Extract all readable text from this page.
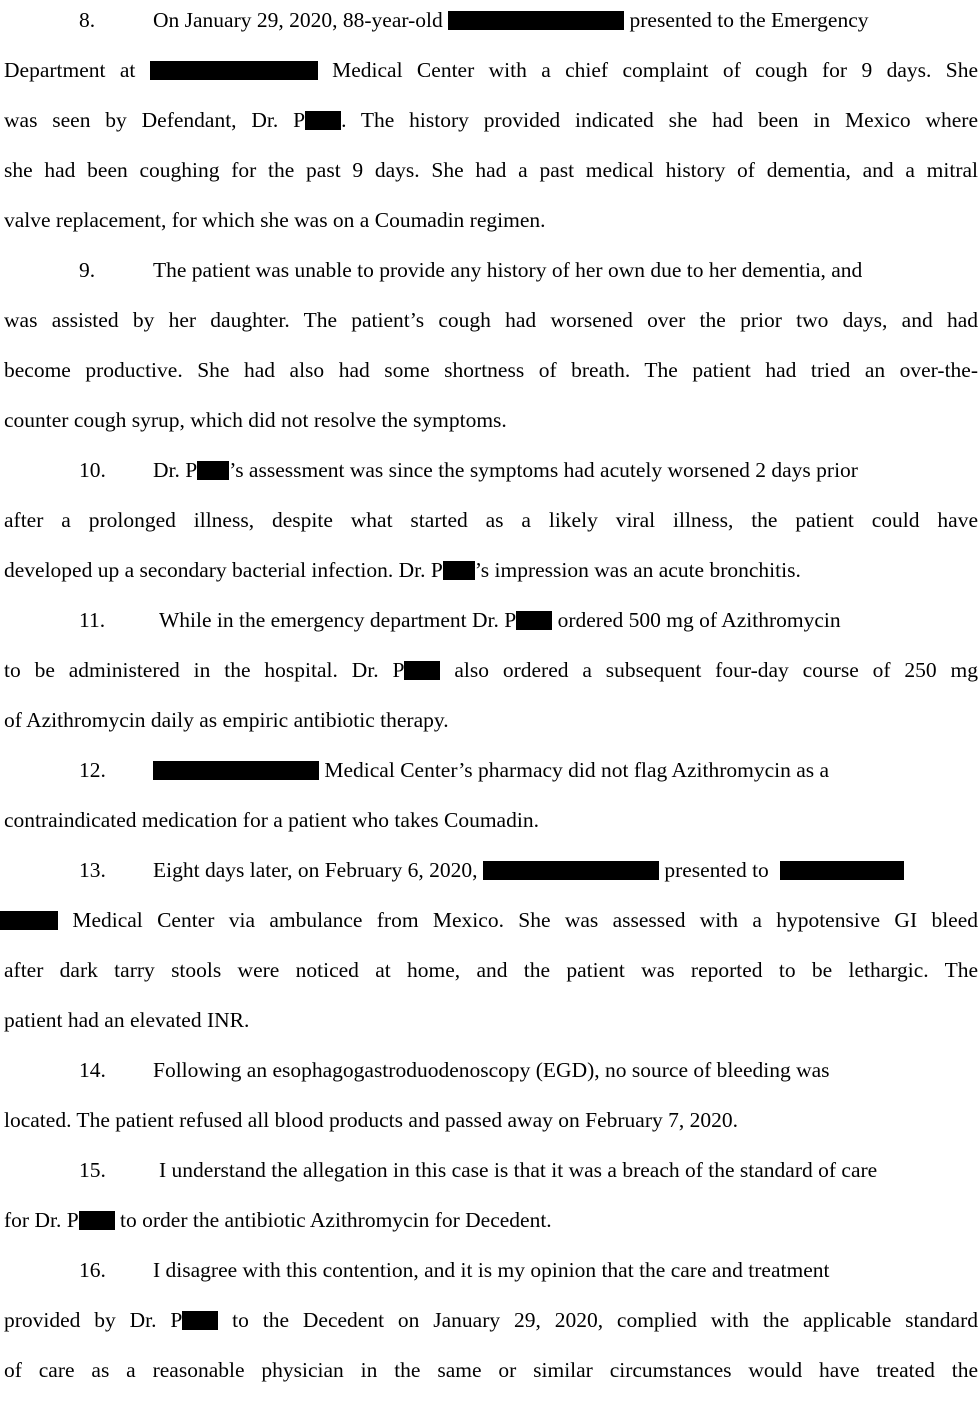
8.	On January 29, 2020, 88-year-old	presented to the Emergency
Department at	Medical Center with a chief complaint of cough for 9 days. She
was seen by Defendant, Dr. P . The history provided indicated she had been in Mexico where
she had been coughing for the past 9 days. She had a past medical history of dementia, and a mitral
valve replacement, for which she was on a Coumadin regimen.
9.	The patient was unable to provide any history of her own due to her dementia, and
was assisted by her daughter. The patient’s cough had worsened over the prior two days, and had
become productive. She had also had some shortness of breath. The patient had tried an over-the-
counter cough syrup, which did not resolve the symptoms.
10. Dr. P ’s assessment was since the symptoms had acutely worsened 2 days prior
after a prolonged illness, despite what started as a likely viral illness, the patient could have
developed up a secondary bacterial infection. Dr. P ’s impression was an acute bronchitis.
11.	While in the emergency department Dr. P ordered 500 mg of Azithromycin
to be administered in the hospital. Dr. P also ordered a subsequent four-day course of 250 mg
of Azithromycin daily as empiric antibiotic therapy.
12.	Medical Center’s pharmacy did not flag Azithromycin as a
contraindicated medication for a patient who takes Coumadin.
13. Eight days later, on February 6, 2020,	presented to
Medical Center via ambulance from Mexico. She was assessed with a hypotensive GI bleed
after dark tarry stools were noticed at home, and the patient was reported to be lethargic. The
patient had an elevated INR.
14. Following an esophagogastroduodenoscopy (EGD), no source of bleeding was
located. The patient refused all blood products and passed away on February 7, 2020.
15. I understand the allegation in this case is that it was a breach of the standard of care
for Dr. P to order the antibiotic Azithromycin for Decedent.
16. I disagree with this contention, and it is my opinion that the care and treatment
provided by Dr. P to the Decedent on January 29, 2020, complied with the applicable standard
of care as a reasonable physician in the same or similar circumstances would have treated the
